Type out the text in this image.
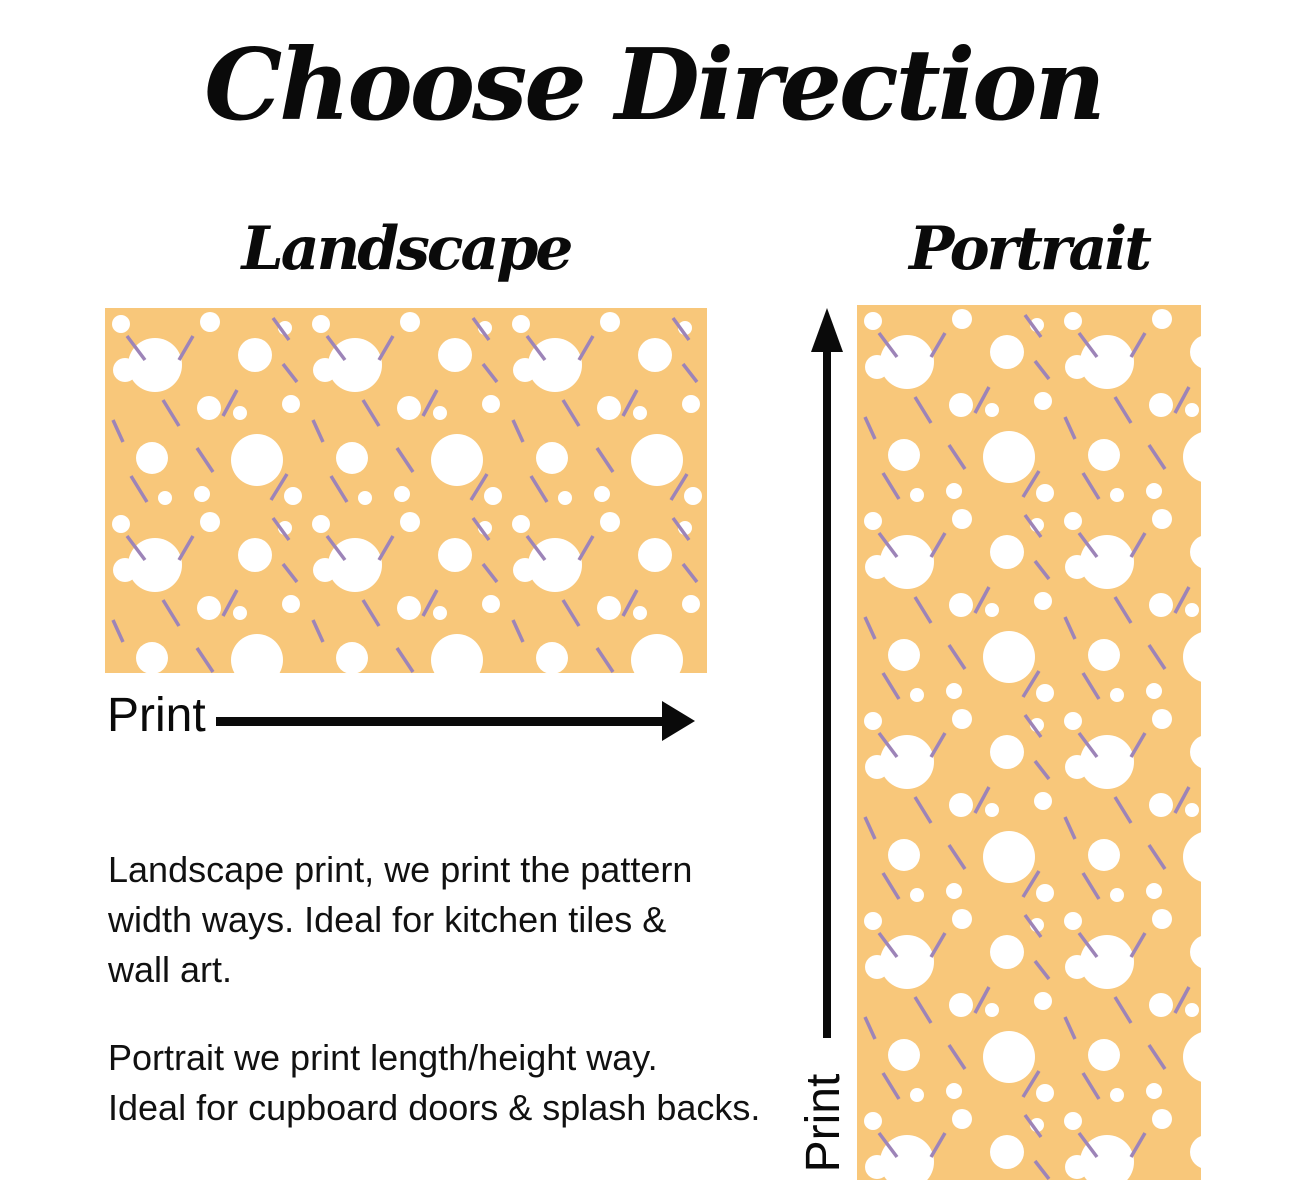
Choose Direction
Landscape	Portrait
Print
Print
Landscape print, we print the pattern
width ways. Ideal for kitchen tiles &
wall art.
Portrait we print length/height way.
Ideal for cupboard doors & splash backs.
